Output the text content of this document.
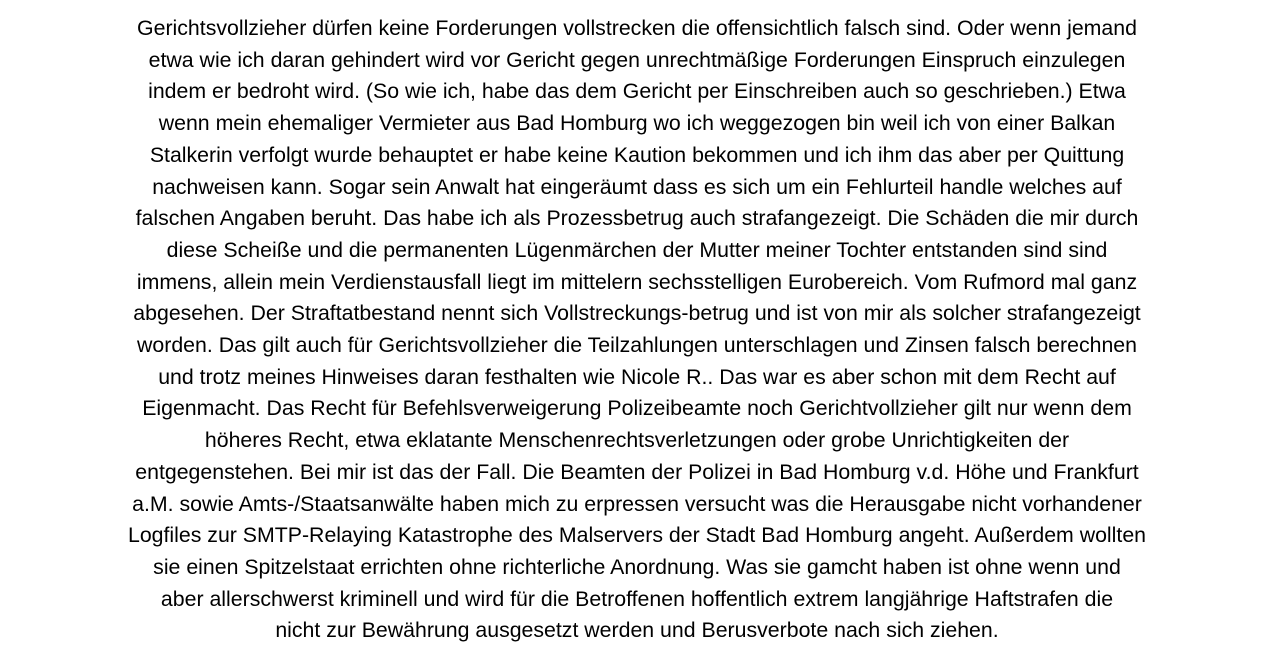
Gerichtsvollzieher dürfen keine Forderungen vollstrecken die offensichtlich falsch sind. Oder wenn jemand
etwa wie ich daran gehindert wird vor Gericht gegen unrechtmäßige Forderungen Einspruch einzulegen
indem er bedroht wird. (So wie ich, habe das dem Gericht per Einschreiben auch so geschrieben.) Etwa
wenn mein ehemaliger Vermieter aus Bad Homburg wo ich weggezogen bin weil ich von einer Balkan
Stalkerin verfolgt wurde behauptet er habe keine Kaution bekommen und ich ihm das aber per Quittung
nachweisen kann. Sogar sein Anwalt hat eingeräumt dass es sich um ein Fehlurteil handle welches auf
falschen Angaben beruht. Das habe ich als Prozessbetrug auch strafangezeigt. Die Schäden die mir durch
diese Scheiße und die permanenten Lügenmärchen der Mutter meiner Tochter entstanden sind sind
immens, allein mein Verdienstausfall liegt im mittelern sechsstelligen Eurobereich. Vom Rufmord mal ganz
abgesehen. Der Straftatbestand nennt sich Vollstreckungs-betrug und ist von mir als solcher strafangezeigt
worden. Das gilt auch für Gerichtsvollzieher die Teilzahlungen unterschlagen und Zinsen falsch berechnen
und trotz meines Hinweises daran festhalten wie Nicole R.. Das war es aber schon mit dem Recht auf
Eigenmacht. Das Recht für Befehlsverweigerung Polizeibeamte noch Gerichtvollzieher gilt nur wenn dem
höheres Recht, etwa eklatante Menschenrechtsverletzungen oder grobe Unrichtigkeiten der
entgegenstehen. Bei mir ist das der Fall. Die Beamten der Polizei in Bad Homburg v.d. Höhe und Frankfurt
a.M. sowie Amts-/Staatsanwälte haben mich zu erpressen versucht was die Herausgabe nicht vorhandener
Logfiles zur SMTP-Relaying Katastrophe des Malservers der Stadt Bad Homburg angeht. Außerdem wollten
sie einen Spitzelstaat errichten ohne richterliche Anordnung. Was sie gamcht haben ist ohne wenn und
aber allerschwerst kriminell und wird für die Betroffenen hoffentlich extrem langjährige Haftstrafen die
nicht zur Bewährung ausgesetzt werden und Berusverbote nach sich ziehen.
